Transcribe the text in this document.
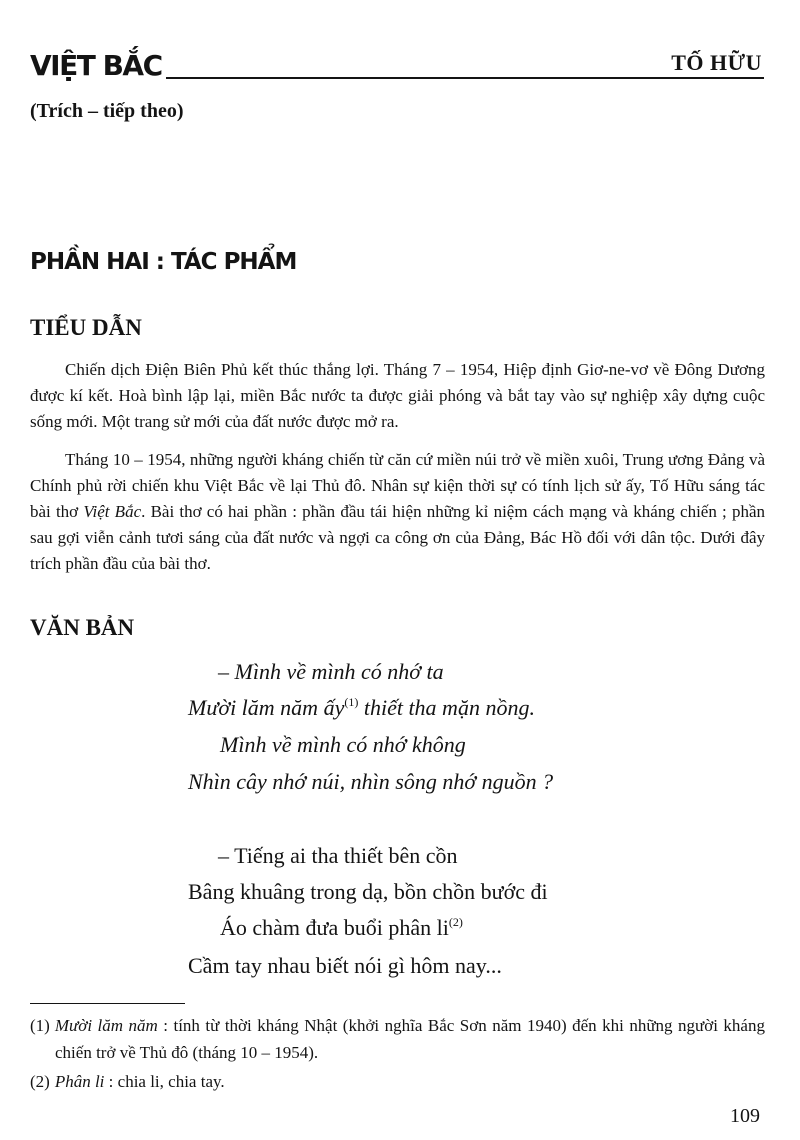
VIỆT BẮC	TỐ HỮU
(Trích – tiếp theo)
PHẦN HAI : TÁC PHẨM
TIỂU DẪN

Chiến dịch Điện Biên Phủ kết thúc thắng lợi. Tháng 7 – 1954, Hiệp định Giơ-ne-vơ về Đông Dương được kí kết. Hoà bình lập lại, miền Bắc nước ta được giải phóng và bắt tay vào sự nghiệp xây dựng cuộc sống mới. Một trang sử mới của đất nước được mở ra.

Tháng 10 – 1954, những người kháng chiến từ căn cứ miền núi trở về miền xuôi, Trung ương Đảng và Chính phủ rời chiến khu Việt Bắc về lại Thủ đô. Nhân sự kiện thời sự có tính lịch sử ấy, Tố Hữu sáng tác bài thơ Việt Bắc. Bài thơ có hai phần : phần đầu tái hiện những kỉ niệm cách mạng và kháng chiến ; phần sau gợi viễn cảnh tươi sáng của đất nước và ngợi ca công ơn của Đảng, Bác Hồ đối với dân tộc. Dưới đây trích phần đầu của bài thơ.

VĂN BẢN
– Mình về mình có nhớ ta
Mười lăm năm ấy$^{(1)}$ thiết tha mặn nồng.
Mình về mình có nhớ không
Nhìn cây nhớ núi, nhìn sông nhớ nguồn ?
– Tiếng ai tha thiết bên cồn
Bâng khuâng trong dạ, bồn chồn bước đi
Áo chàm đưa buổi phân $li^{(2)}$
Cầm tay nhau biết nói gì hôm nay...

(1) Mười lăm năm : tính từ thời kháng Nhật (khởi nghĩa Bắc Sơn năm 1940) đến khi những người kháng chiến trở về Thủ đô (tháng 10 – 1954).

(2) Phân li : chia li, chia tay.

109
